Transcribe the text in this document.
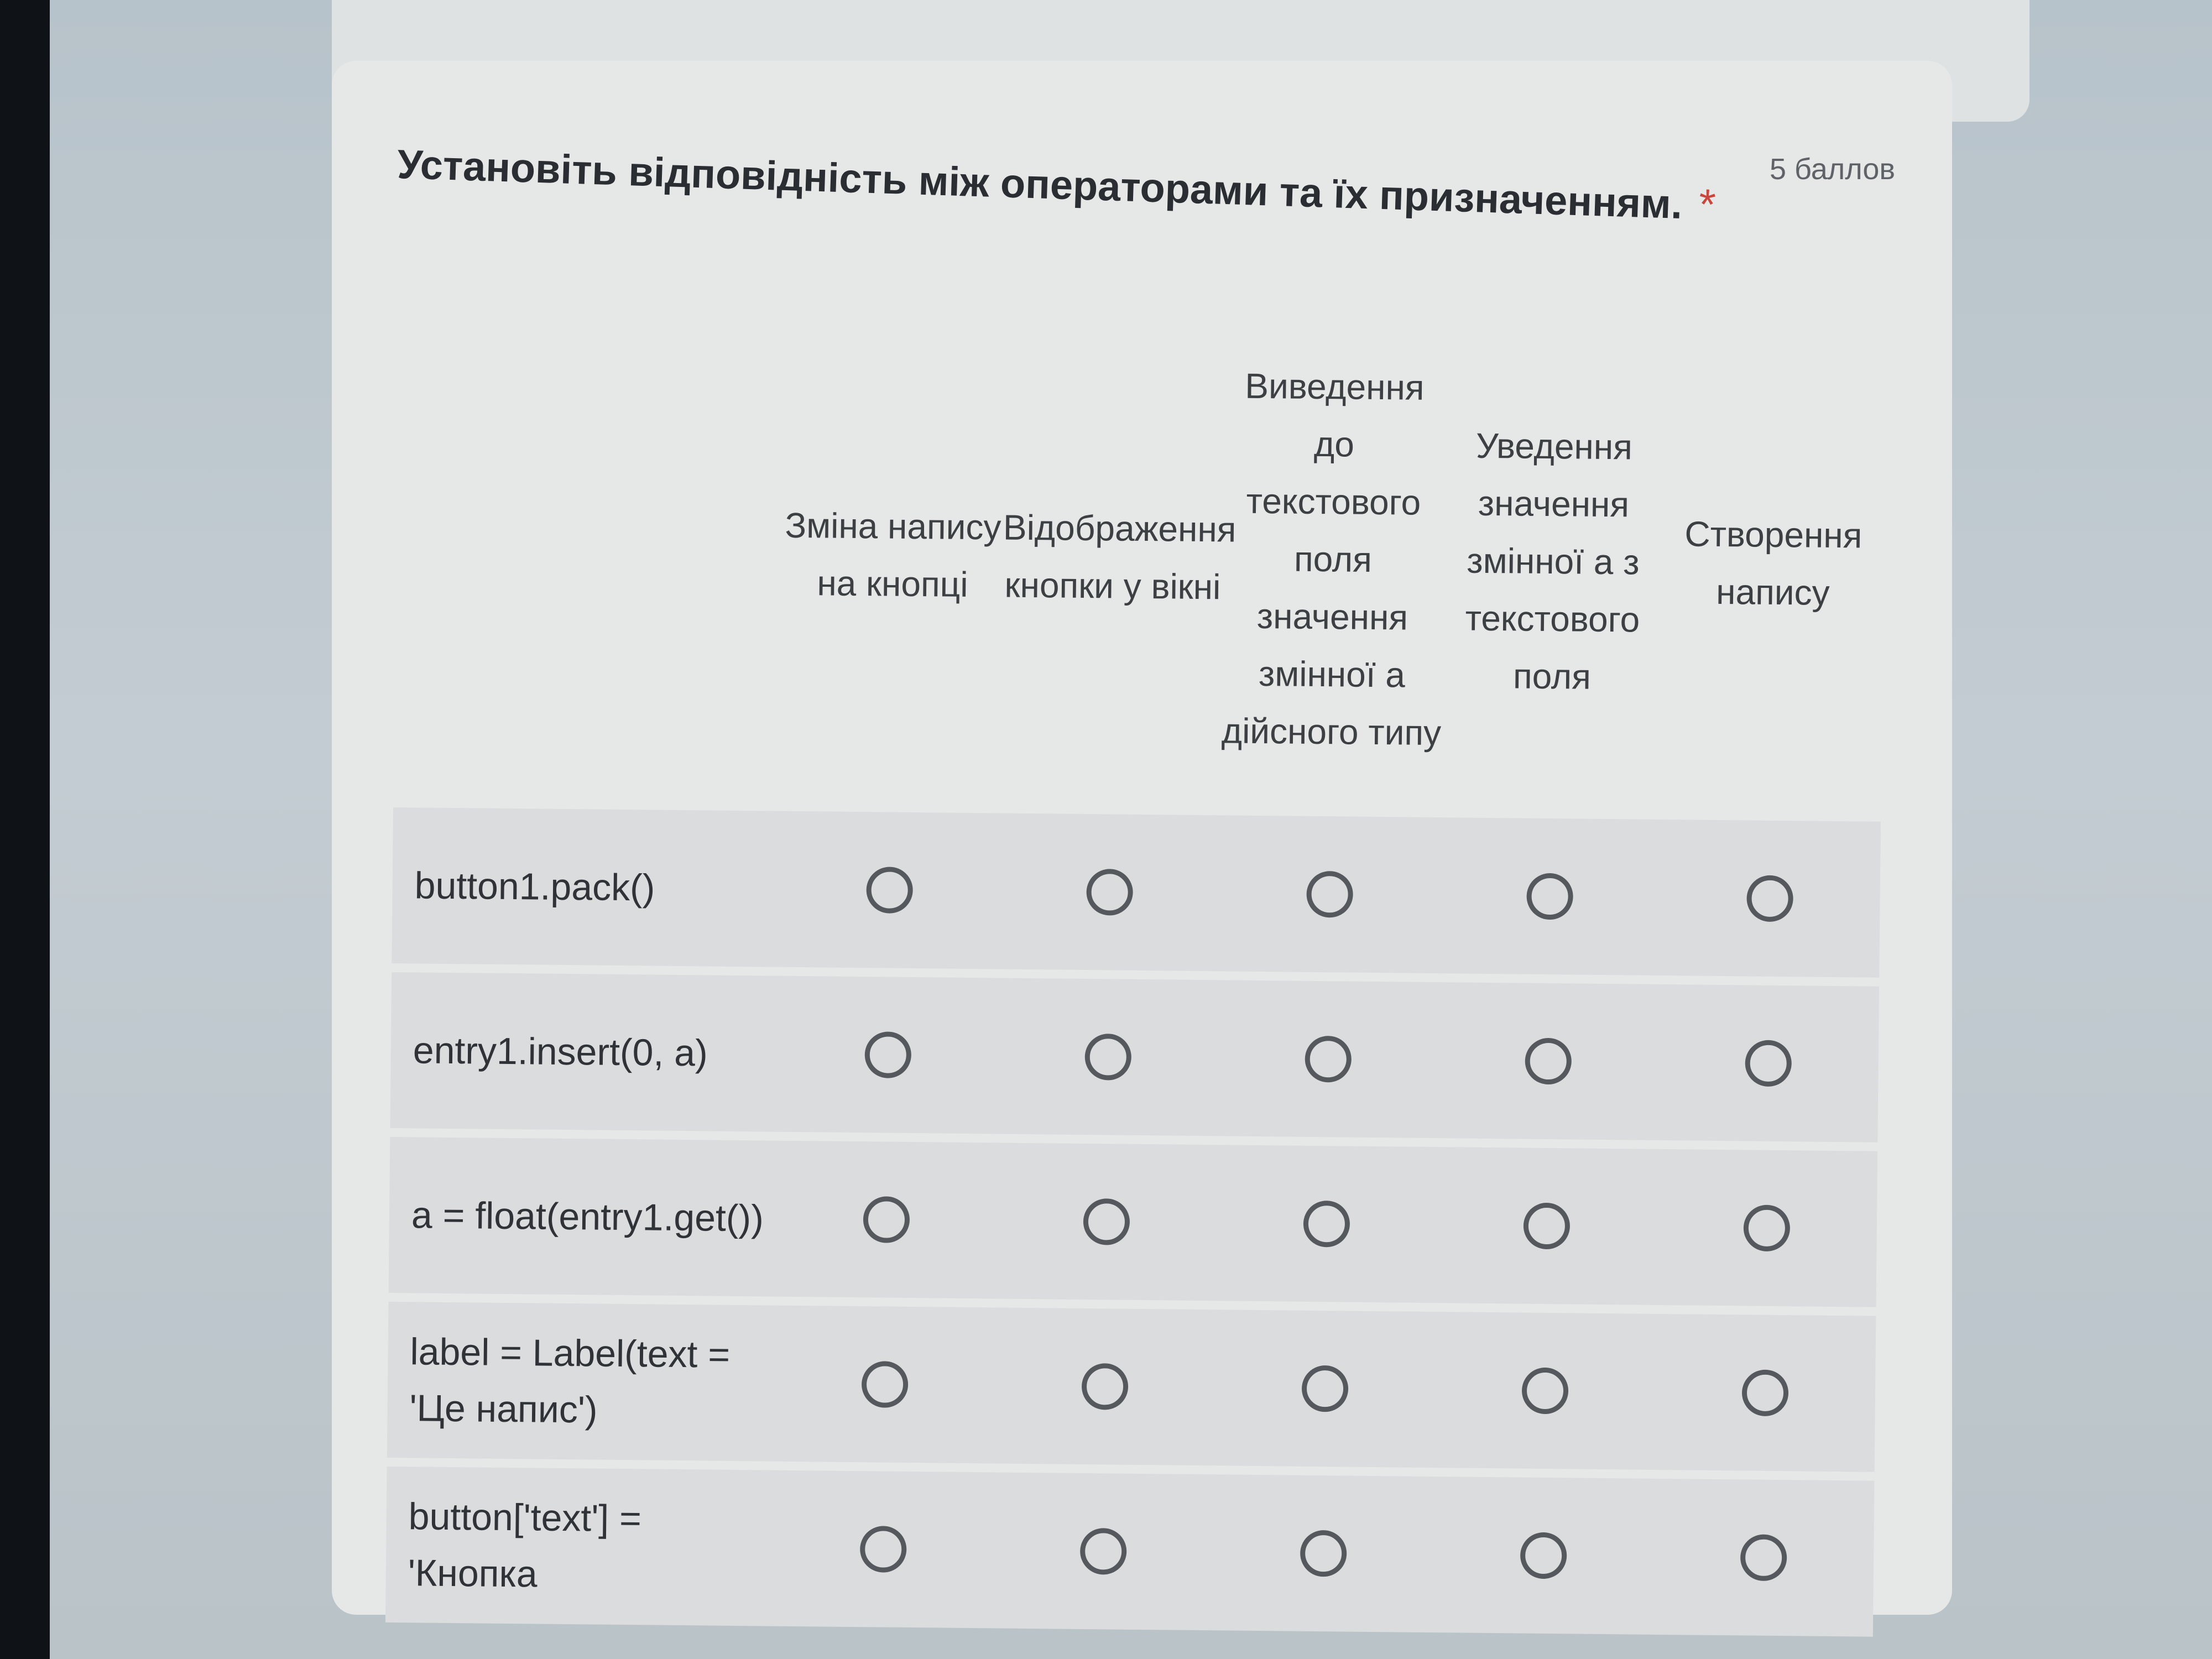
Установіть відповідність між операторами та їх призначенням. *
5 баллов
Зміна напису на кнопці
Відображення кнопки у вікні
Виведення до текстового поля значення змінної а дійсного типу
Уведення значення змінної а з текстового поля
Створення напису
button1.pack()
entry1.insert(0, a)
a = float(entry1.get())
label = Label(text = 'Це напис')
button['text'] = 'Кнопка
